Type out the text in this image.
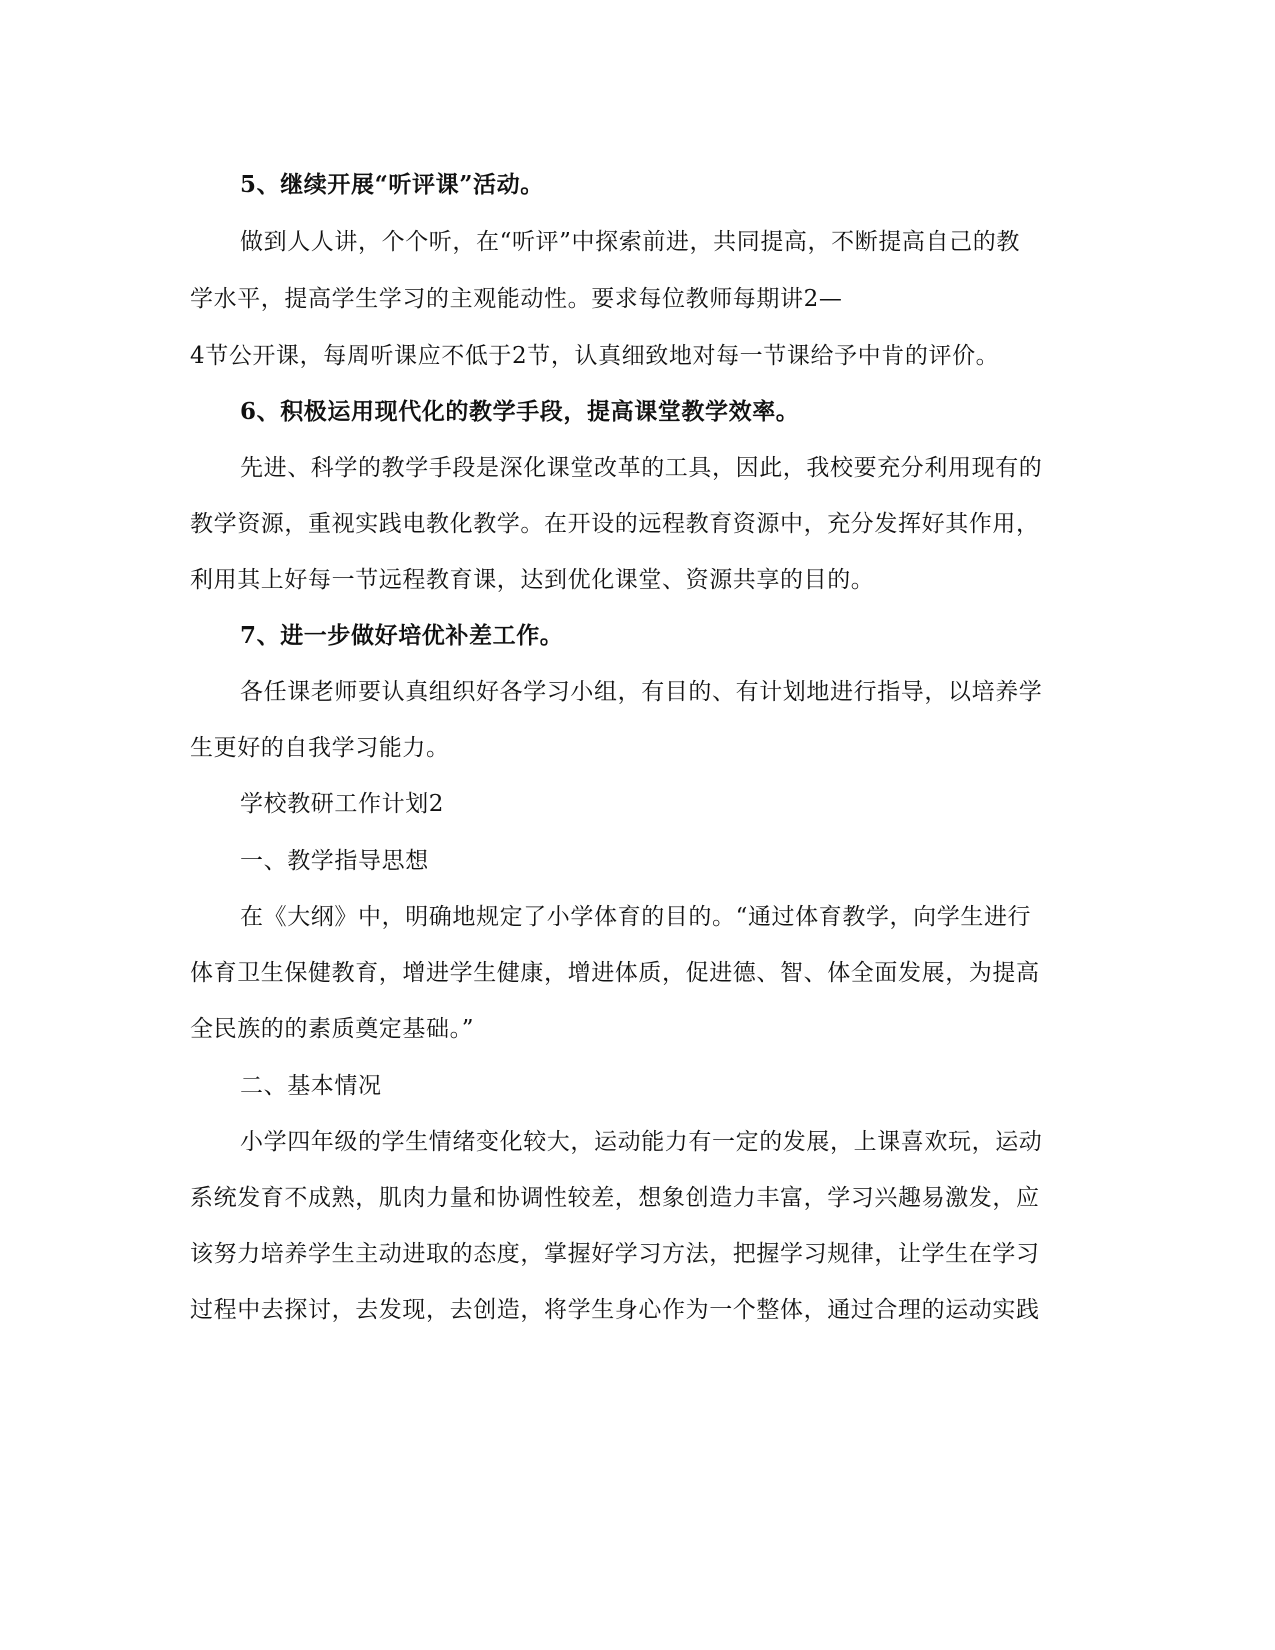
5、继续开展“听评课”活动。
做到人人讲，个个听，在“听评”中探索前进，共同提高，不断提高自己的教
学水平，提高学生学习的主观能动性。要求每位教师每期讲2—
4节公开课，每周听课应不低于2节，认真细致地对每一节课给予中肯的评价。
6、积极运用现代化的教学手段，提高课堂教学效率。
先进、科学的教学手段是深化课堂改革的工具，因此，我校要充分利用现有的
教学资源，重视实践电教化教学。在开设的远程教育资源中，充分发挥好其作用，
利用其上好每一节远程教育课，达到优化课堂、资源共享的目的。
7、进一步做好培优补差工作。
各任课老师要认真组织好各学习小组，有目的、有计划地进行指导，以培养学
生更好的自我学习能力。
学校教研工作计划2
一、教学指导思想
在《大纲》中，明确地规定了小学体育的目的。“通过体育教学，向学生进行
体育卫生保健教育，增进学生健康，增进体质，促进德、智、体全面发展，为提高
全民族的的素质奠定基础。”
二、基本情况
小学四年级的学生情绪变化较大，运动能力有一定的发展，上课喜欢玩，运动
系统发育不成熟，肌肉力量和协调性较差，想象创造力丰富，学习兴趣易激发，应
该努力培养学生主动进取的态度，掌握好学习方法，把握学习规律，让学生在学习
过程中去探讨，去发现，去创造，将学生身心作为一个整体，通过合理的运动实践
